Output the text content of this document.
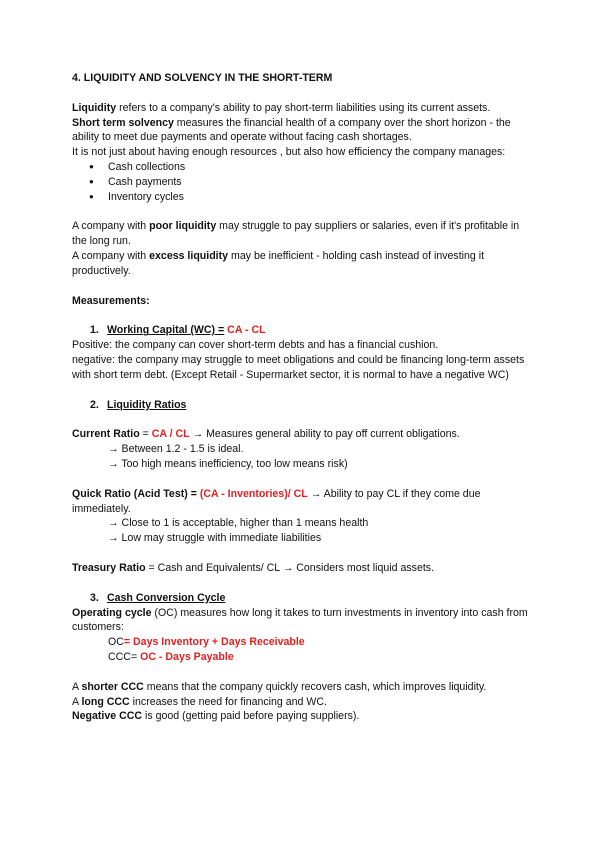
4. LIQUIDITY AND SOLVENCY IN THE SHORT-TERM

Liquidity refers to a company's ability to pay short-term liabilities using its current assets.

Short term solvency measures the financial health of a company over the short horizon - the ability to meet due payments and operate without facing cash shortages.

It is not just about having enough resources , but also how efficiency the company manages:

● Cash collections
● Cash payments
● Inventory cycles

A company with poor liquidity may struggle to pay suppliers or salaries, even if it's profitable in the long run.

A company with excess liquidity may be inefficient - holding cash instead of investing it productively.

Measurements:

1. Working Capital (WC) = CA - CL

Positive: the company can cover short-term debts and has a financial cushion.

negative: the company may struggle to meet obligations and could be financing long-term assets with short term debt. (Except Retail - Supermarket sector, it is normal to have a negative WC)

2. Liquidity Ratios

Current Ratio = CA / CL → Measures general ability to pay off current obligations.

→ Between 1.2 - 1.5 is ideal.

→ Too high means inefficiency, too low means risk)

Quick Ratio (Acid Test) = (CA - Inventories)/ CL → Ability to pay CL if they come due immediately.

→ Close to 1 is acceptable, higher than 1 means health

→ Low may struggle with immediate liabilities

Treasury Ratio = Cash and Equivalents/ CL → Considers most liquid assets.

3. Cash Conversion Cycle

Operating cycle (OC) measures how long it takes to turn investments in inventory into cash from customers:

OC= Days Inventory + Days Receivable

CCC= OC - Days Payable

A shorter CCC means that the company quickly recovers cash, which improves liquidity.

A long CCC increases the need for financing and WC.

Negative CCC is good (getting paid before paying suppliers).
